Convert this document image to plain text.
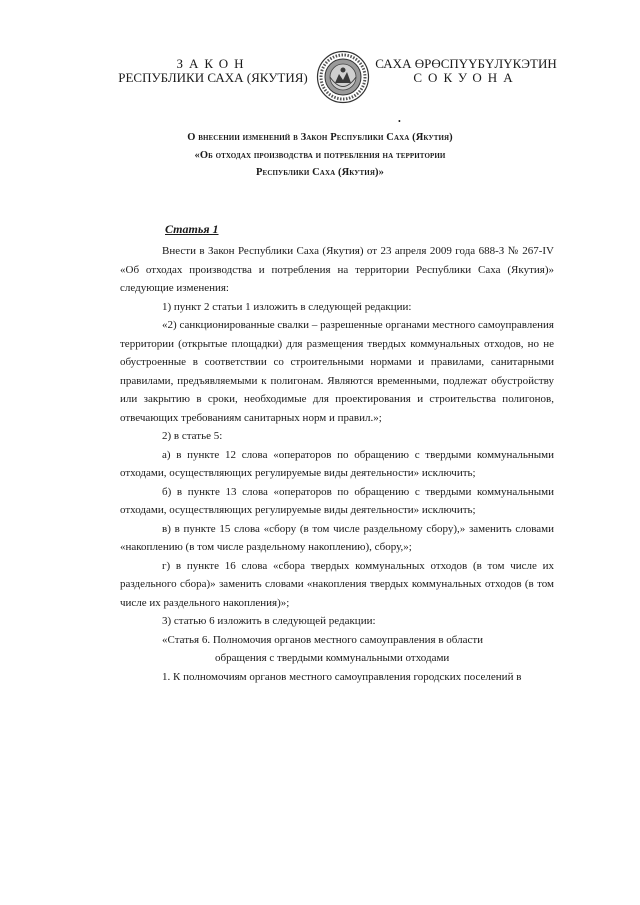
ЗАКОН
РЕСПУБЛИКИ САХА (ЯКУТИЯ)
САХА ӨРӨСПҮҮБҮЛҮКЭТИН
СОКУОНА
•
О внесении изменений в Закон Республики Саха (Якутия)
«Об отходах производства и потребления на территории
Республики Саха (Якутия)»
Статья 1

Внести в Закон Республики Саха (Якутия) от 23 апреля 2009 года 688-З № 267-IV «Об отходах производства и потребления на территории Республики Саха (Якутия)» следующие изменения:

1) пункт 2 статьи 1 изложить в следующей редакции:

«2) санкционированные свалки – разрешенные органами местного самоуправления территории (открытые площадки) для размещения твердых коммунальных отходов, но не обустроенные в соответствии со строительными нормами и правилами, санитарными правилами, предъявляемыми к полигонам. Являются временными, подлежат обустройству или закрытию в сроки, необходимые для проектирования и строительства полигонов, отвечающих требованиям санитарных норм и правил.»;

2) в статье 5:

а) в пункте 12 слова «операторов по обращению с твердыми коммунальными отходами, осуществляющих регулируемые виды деятельности» исключить;

б) в пункте 13 слова «операторов по обращению с твердыми коммунальными отходами, осуществляющих регулируемые виды деятельности» исключить;

в) в пункте 15 слова «сбору (в том числе раздельному сбору),» заменить словами «накоплению (в том числе раздельному накоплению), сбору,»;

г) в пункте 16 слова «сбора твердых коммунальных отходов (в том числе их раздельного сбора)» заменить словами «накопления твердых коммунальных отходов (в том числе их раздельного накопления)»;

3) статью 6 изложить в следующей редакции:

«Статья 6. Полномочия органов местного самоуправления в области

обращения с твердыми коммунальными отходами

1. К полномочиям органов местного самоуправления городских поселений в
